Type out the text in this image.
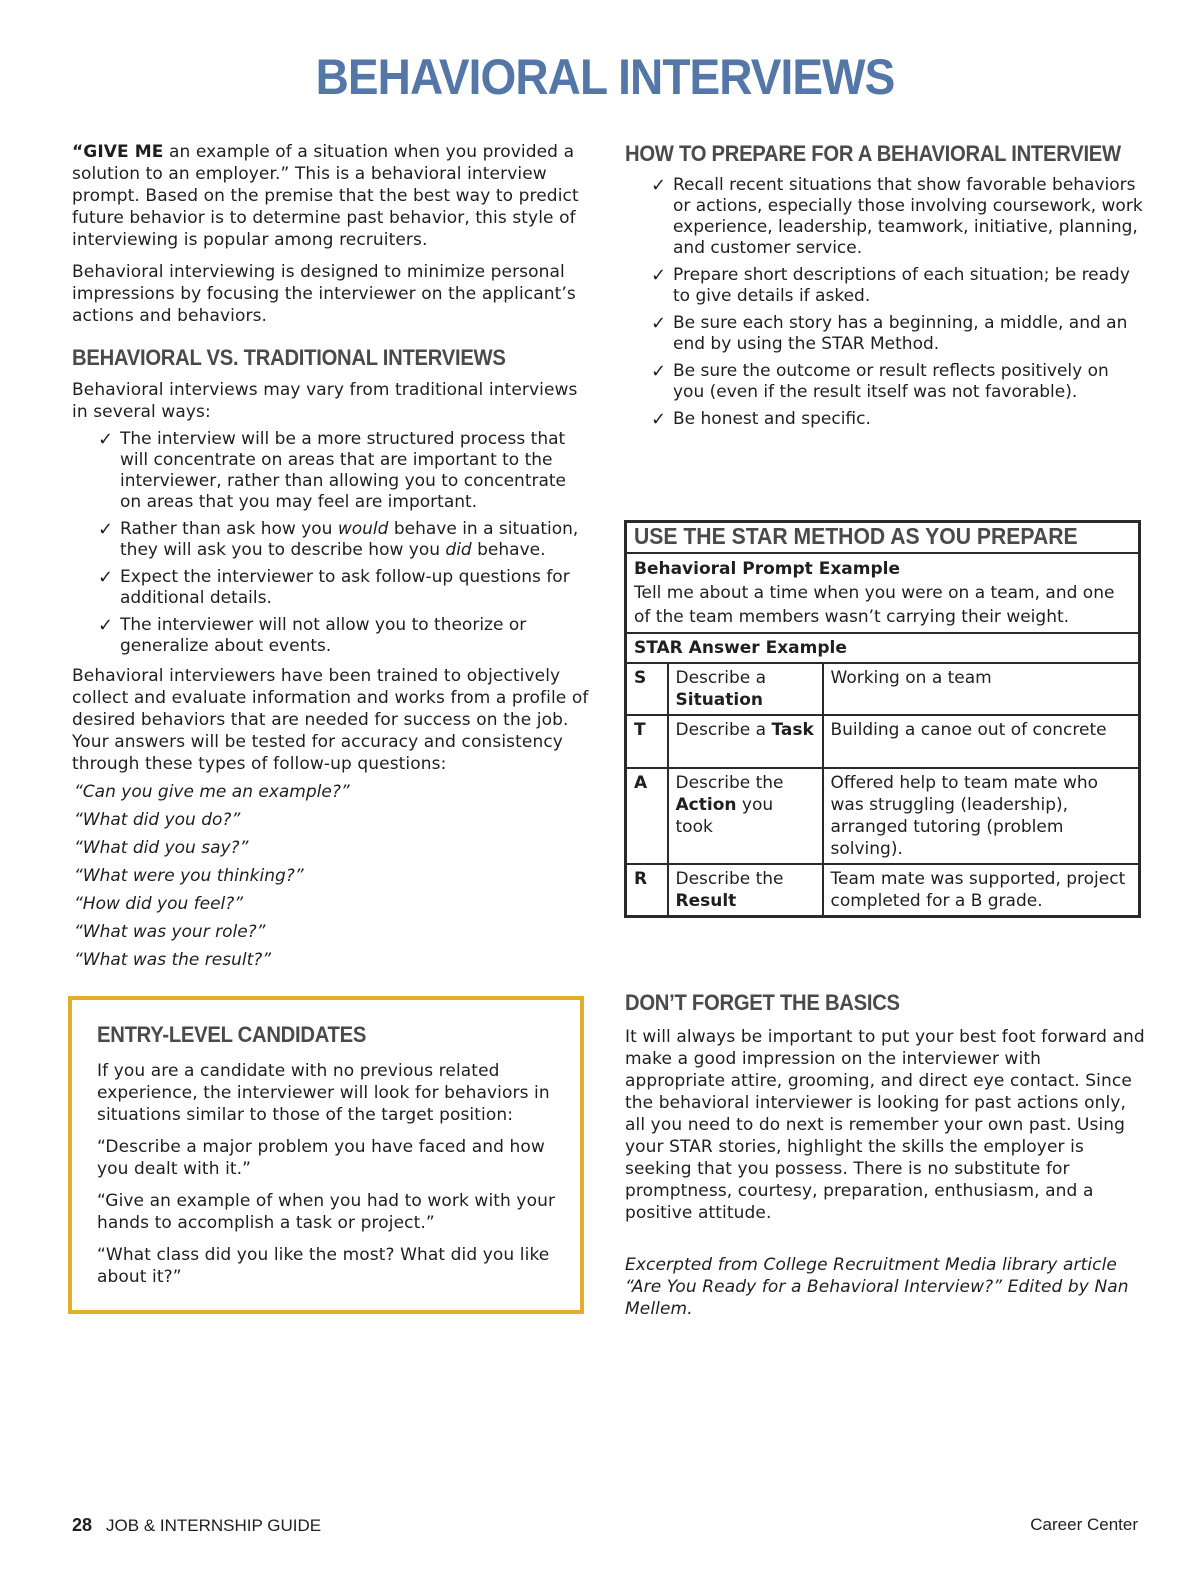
BEHAVIORAL INTERVIEWS

“GIVE ME an example of a situation when you provided a solution to an employer.” This is a behavioral interview prompt. Based on the premise that the best way to predict future behavior is to determine past behavior, this style of interviewing is popular among recruiters.

Behavioral interviewing is designed to minimize personal impressions by focusing the interviewer on the applicant’s actions and behaviors.

BEHAVIORAL VS. TRADITIONAL INTERVIEWS

Behavioral interviews may vary from traditional interviews in several ways:

✓ The interview will be a more structured process that will concentrate on areas that are important to the interviewer, rather than allowing you to concentrate on areas that you may feel are important.
✓ Rather than ask how you would behave in a situation, they will ask you to describe how you did behave.
✓ Expect the interviewer to ask follow-up questions for additional details.
✓ The interviewer will not allow you to theorize or generalize about events.

Behavioral interviewers have been trained to objectively collect and evaluate information and works from a profile of desired behaviors that are needed for success on the job. Your answers will be tested for accuracy and consistency through these types of follow-up questions:

“Can you give me an example?”

“What did you do?”

“What did you say?”

“What were you thinking?”

“How did you feel?”

“What was your role?”

“What was the result?”

ENTRY-LEVEL CANDIDATES

If you are a candidate with no previous related experience, the interviewer will look for behaviors in situations similar to those of the target position:

“Describe a major problem you have faced and how you dealt with it.”

“Give an example of when you had to work with your hands to accomplish a task or project.”

“What class did you like the most? What did you like about it?”

HOW TO PREPARE FOR A BEHAVIORAL INTERVIEW
✓ Recall recent situations that show favorable behaviors or actions, especially those involving coursework, work experience, leadership, teamwork, initiative, planning, and customer service.
✓ Prepare short descriptions of each situation; be ready to give details if asked.
✓ Be sure each story has a beginning, a middle, and an end by using the STAR Method.
✓ Be sure the outcome or result reflects positively on you (even if the result itself was not favorable).
✓ Be honest and specific.
USE THE STAR METHOD AS YOU PREPARE		

Behavioral Prompt Example
Tell me about a time when you were on a team, and one of the team members wasn’t carrying their weight.		

STAR Answer Example		
S	Describe a Situation	Working on a team
T	Describe a Task	Building a canoe out of concrete
A	Describe the Action you took	Offered help to team mate who was struggling (leadership), arranged tutoring (problem solving).
R	Describe the Result	Team mate was supported, project completed for a B grade.
DON’T FORGET THE BASICS

It will always be important to put your best foot forward and make a good impression on the interviewer with appropriate attire, grooming, and direct eye contact. Since the behavioral interviewer is looking for past actions only, all you need to do next is remember your own past. Using your STAR stories, highlight the skills the employer is seeking that you possess. There is no substitute for promptness, courtesy, preparation, enthusiasm, and a positive attitude.

Excerpted from College Recruitment Media library article “Are You Ready for a Behavioral Interview?” Edited by Nan Mellem.

28 JOB & INTERNSHIP GUIDE	Career Center
